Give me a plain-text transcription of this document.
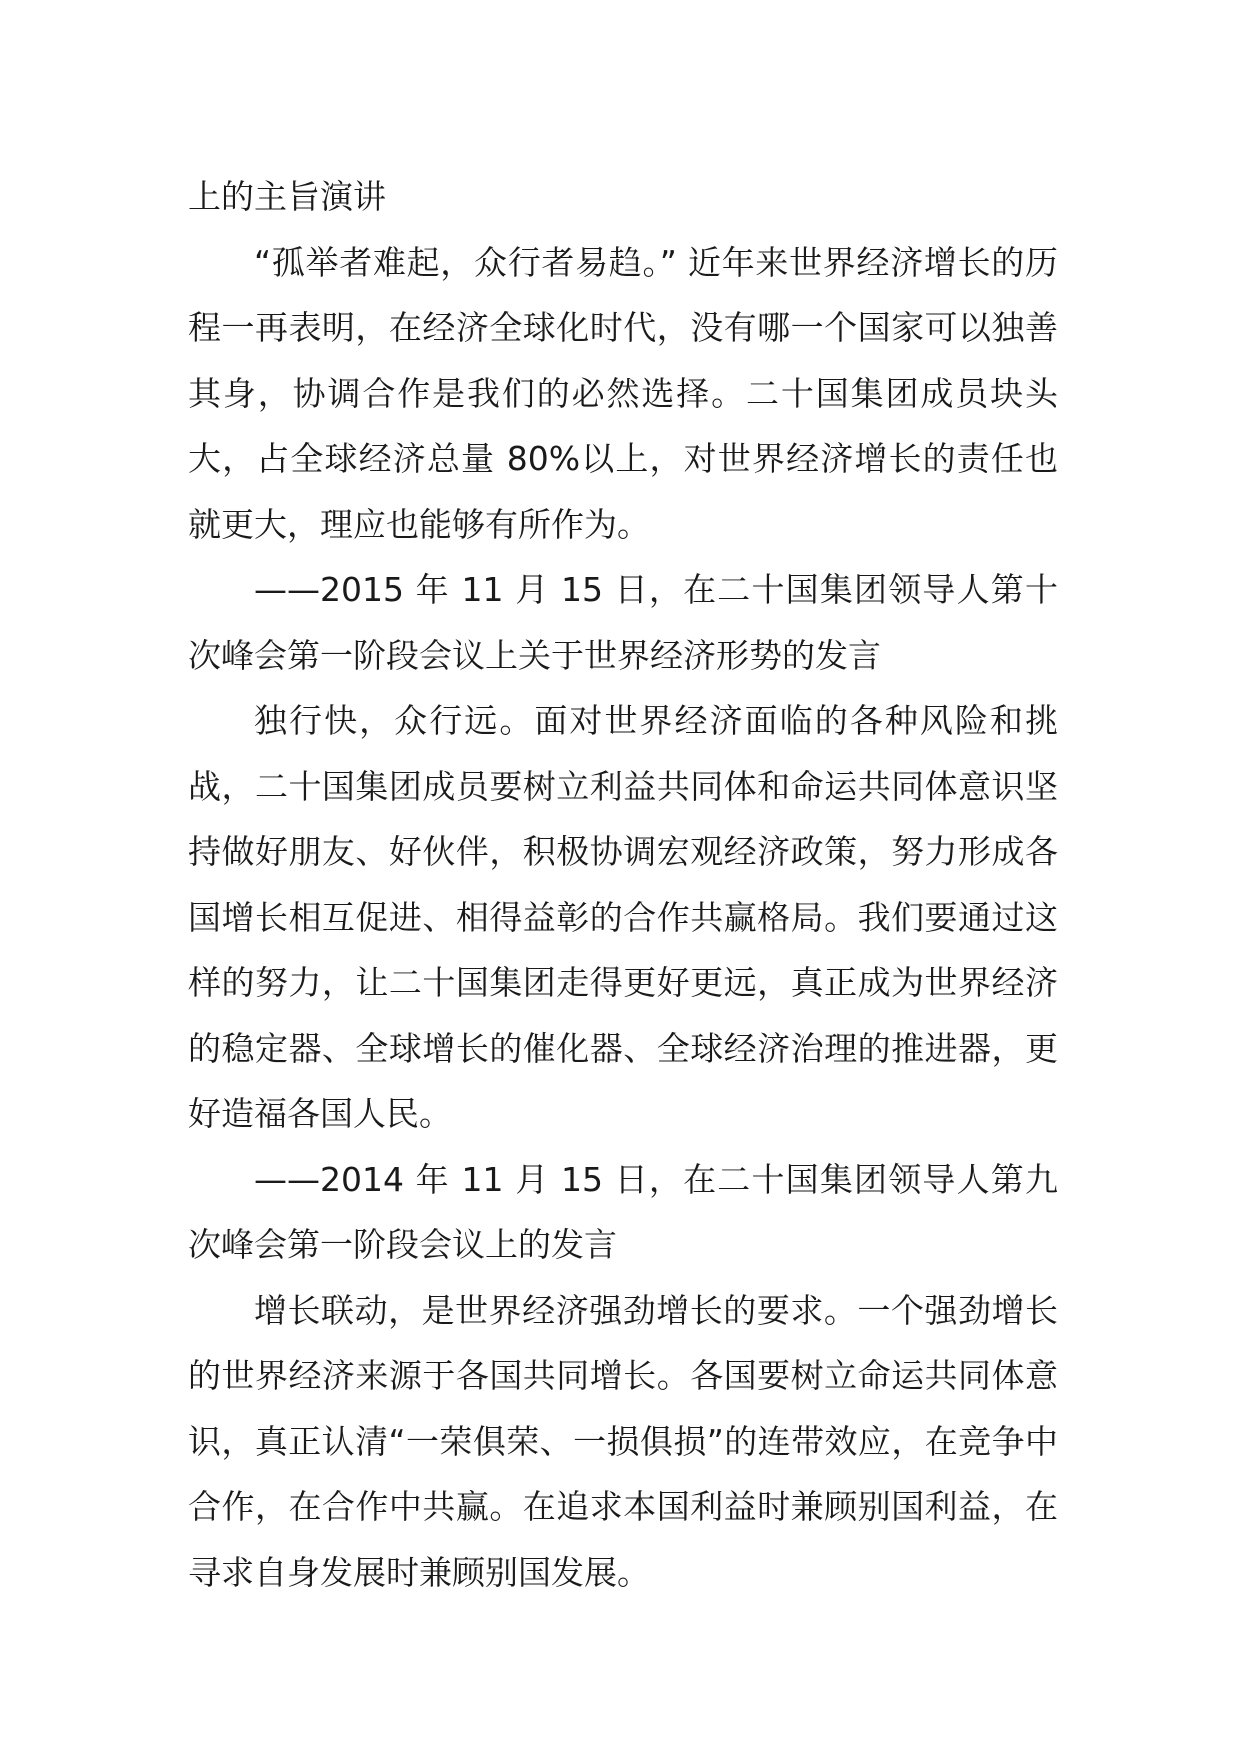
上的主旨演讲

“孤举者难起，众行者易趋。” 近年来世界经济增长的历程一再表明，在经济全球化时代，没有哪一个国家可以独善其身，协调合作是我们的必然选择。二十国集团成员块头大，占全球经济总量 80%以上，对世界经济增长的责任也就更大，理应也能够有所作为。

——2015 年 11 月 15 日，在二十国集团领导人第十次峰会第一阶段会议上关于世界经济形势的发言

独行快，众行远。面对世界经济面临的各种风险和挑战，二十国集团成员要树立利益共同体和命运共同体意识坚持做好朋友、好伙伴，积极协调宏观经济政策，努力形成各国增长相互促进、相得益彰的合作共赢格局。我们要通过这样的努力，让二十国集团走得更好更远，真正成为世界经济的稳定器、全球增长的催化器、全球经济治理的推进器，更好造福各国人民。

——2014 年 11 月 15 日，在二十国集团领导人第九次峰会第一阶段会议上的发言

增长联动，是世界经济强劲增长的要求。一个强劲增长的世界经济来源于各国共同增长。各国要树立命运共同体意识，真正认清“一荣俱荣、一损俱损”的连带效应，在竞争中合作，在合作中共赢。在追求本国利益时兼顾别国利益，在寻求自身发展时兼顾别国发展。
